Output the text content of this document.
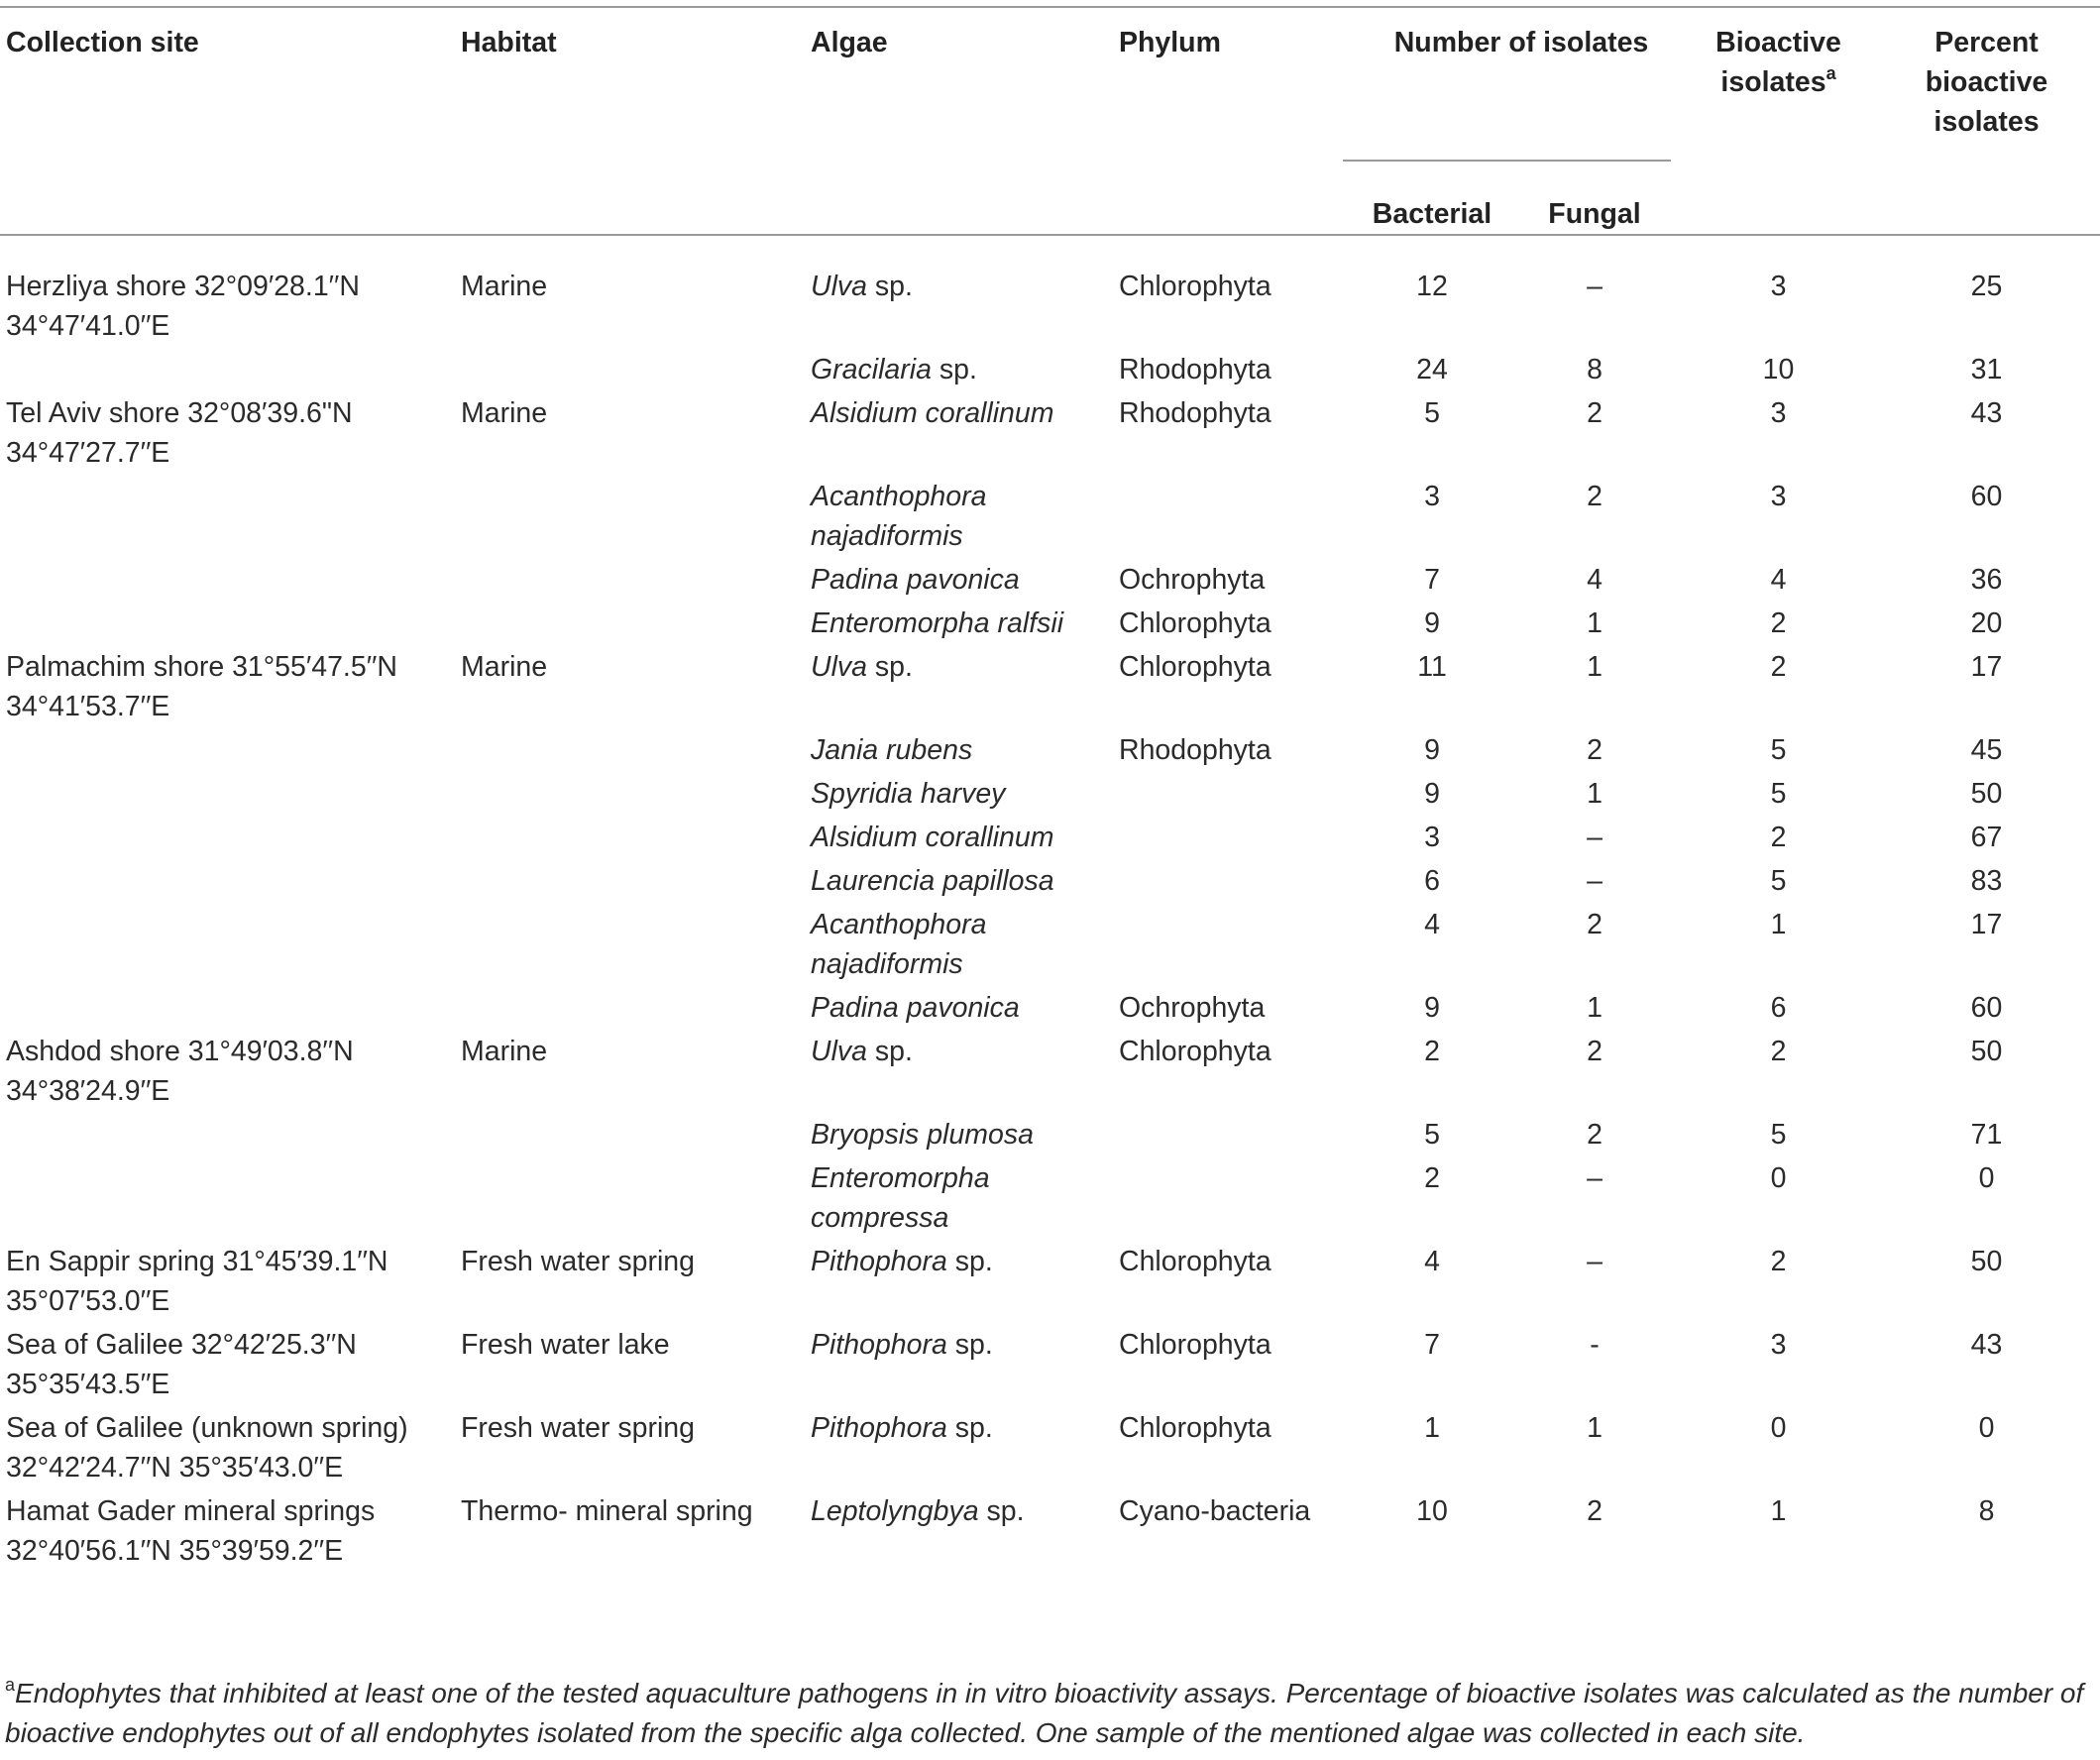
Collection site	Habitat	Algae	Phylum	Number of isolates		Bioactive isolates$^a$	Percent bioactive isolates
				Bacterial	Fungal		
Herzliya shore 32°09′28.1′′N 34°47′41.0′′E	Marine	Ulva sp.	Chlorophyta	12	–	3	25
		Gracilaria sp.	Rhodophyta	24	8	10	31
Tel Aviv shore 32°08′39.6"N 34°47′27.7′′E	Marine	Alsidium corallinum	Rhodophyta	5	2	3	43
		Acanthophora najadiformis		3	2	3	60
		Padina pavonica	Ochrophyta	7	4	4	36
		Enteromorpha ralfsii	Chlorophyta	9	1	2	20
Palmachim shore 31°55′47.5′′N 34°41′53.7′′E	Marine	Ulva sp.	Chlorophyta	11	1	2	17
		Jania rubens	Rhodophyta	9	2	5	45
		Spyridia harvey		9	1	5	50
		Alsidium corallinum		3	–	2	67
		Laurencia papillosa		6	–	5	83
		Acanthophora najadiformis		4	2	1	17
		Padina pavonica	Ochrophyta	9	1	6	60
Ashdod shore 31°49′03.8′′N 34°38′24.9′′E	Marine	Ulva sp.	Chlorophyta	2	2	2	50
		Bryopsis plumosa		5	2	5	71
		Enteromorpha compressa		2	–	0	0
En Sappir spring 31°45′39.1′′N 35°07′53.0′′E	Fresh water spring	Pithophora sp.	Chlorophyta	4	–	2	50
Sea of Galilee 32°42′25.3′′N 35°35′43.5′′E	Fresh water lake	Pithophora sp.	Chlorophyta	7	-	3	43
Sea of Galilee (unknown spring) 32°42′24.7′′N 35°35′43.0′′E	Fresh water spring	Pithophora sp.	Chlorophyta	1	1	0	0
Hamat Gader mineral springs 32°40′56.1′′N 35°39′59.2′′E	Thermo- mineral spring	Leptolyngbya sp.	Cyano-bacteria	10	2	1	8
$^a$Endophytes that inhibited at least one of the tested aquaculture pathogens in in vitro bioactivity assays. Percentage of bioactive isolates was calculated as the number of bioactive endophytes out of all endophytes isolated from the specific alga collected. One sample of the mentioned algae was collected in each site.
